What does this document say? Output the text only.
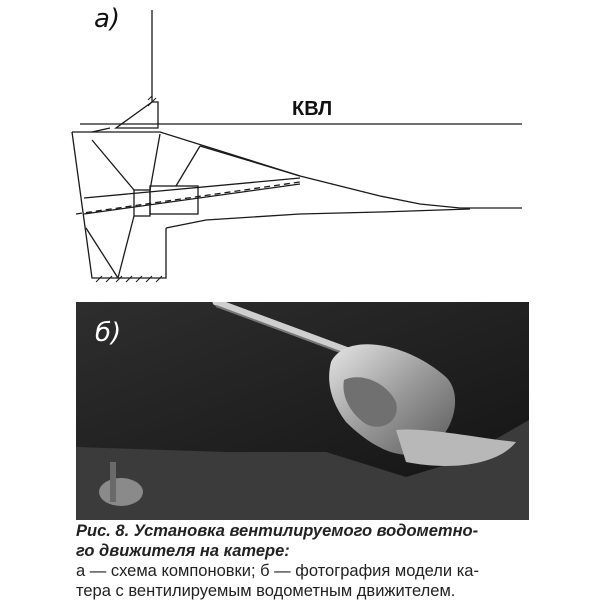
а)
КВЛ
б)
Рис. 8. Установка вентилируемого водометно-
го движителя на катере:
а — схема компоновки; б — фотография модели ка-
тера с вентилируемым водометным движителем.
